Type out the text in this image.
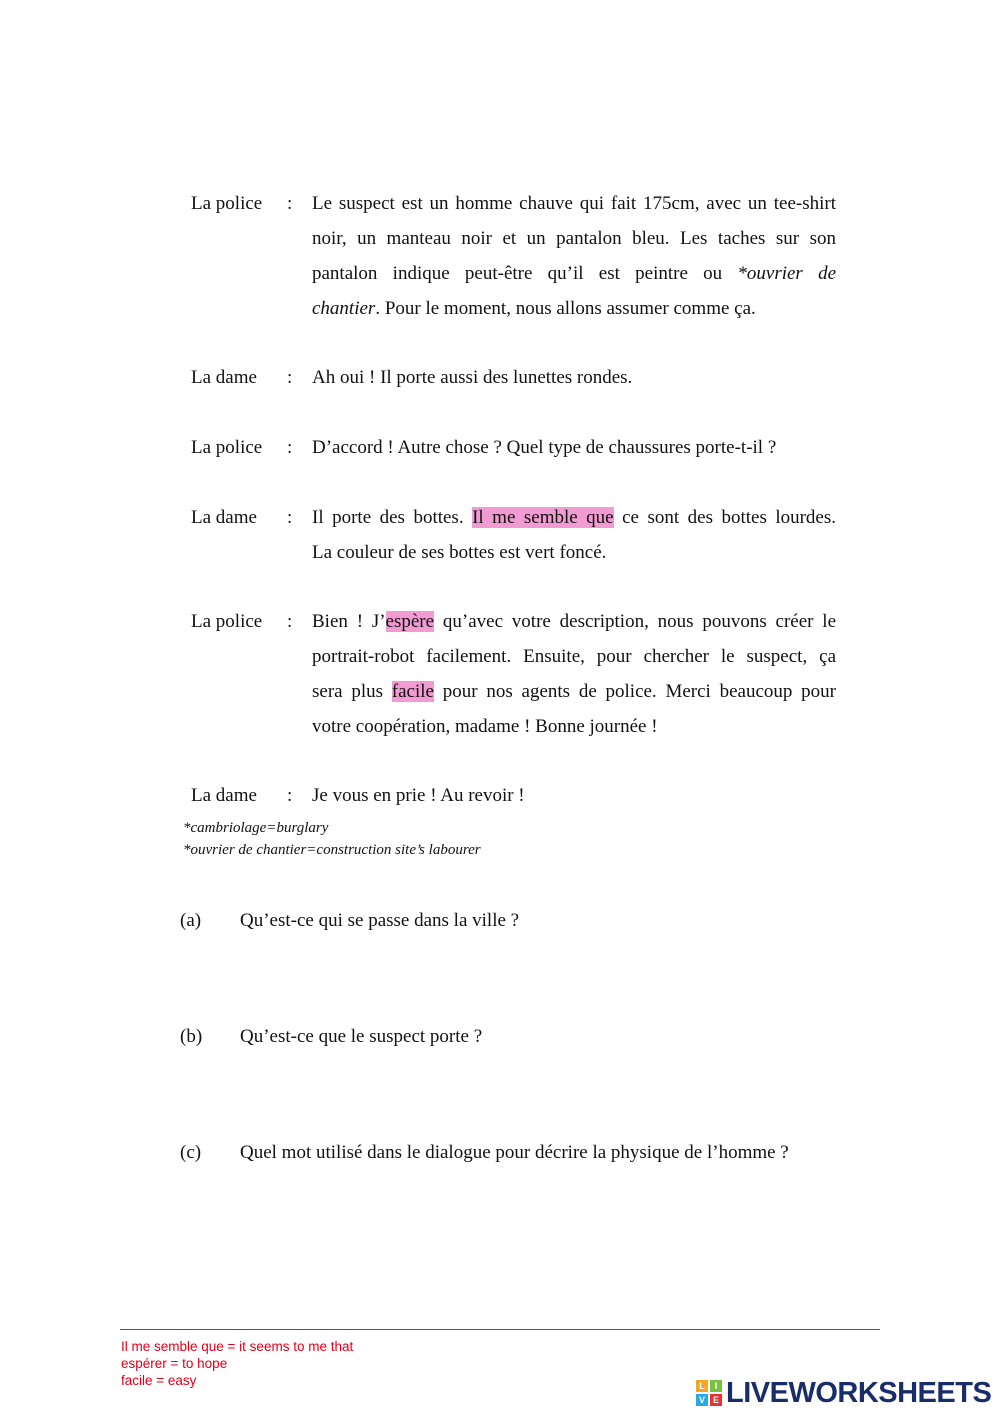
La police : Le suspect est un homme chauve qui fait 175cm, avec un tee-shirt
noir, un manteau noir et un pantalon bleu. Les taches sur son
pantalon indique peut-être qu’il est peintre ou *ouvrier de
chantier. Pour le moment, nous allons assumer comme ça.
La dame : Ah oui ! Il porte aussi des lunettes rondes.
La police : D’accord ! Autre chose ? Quel type de chaussures porte-t-il ?
La dame : Il porte des bottes. Il me semble que ce sont des bottes lourdes.
La couleur de ses bottes est vert foncé.
La police : Bien ! J’espère qu’avec votre description, nous pouvons créer le
portrait-robot facilement. Ensuite, pour chercher le suspect, ça
sera plus facile pour nos agents de police. Merci beaucoup pour
votre coopération, madame ! Bonne journée !
La dame : Je vous en prie ! Au revoir !
*cambriolage=burglary
*ouvrier de chantier=construction site’s labourer
(a) Qu’est-ce qui se passe dans la ville ?
(b) Qu’est-ce que le suspect porte ?
(c) Quel mot utilisé dans le dialogue pour décrire la physique de l’homme ?
Il me semble que = it seems to me that
espérer = to hope
facile = easy	L	I
V E LIVEWORKSHEETS
